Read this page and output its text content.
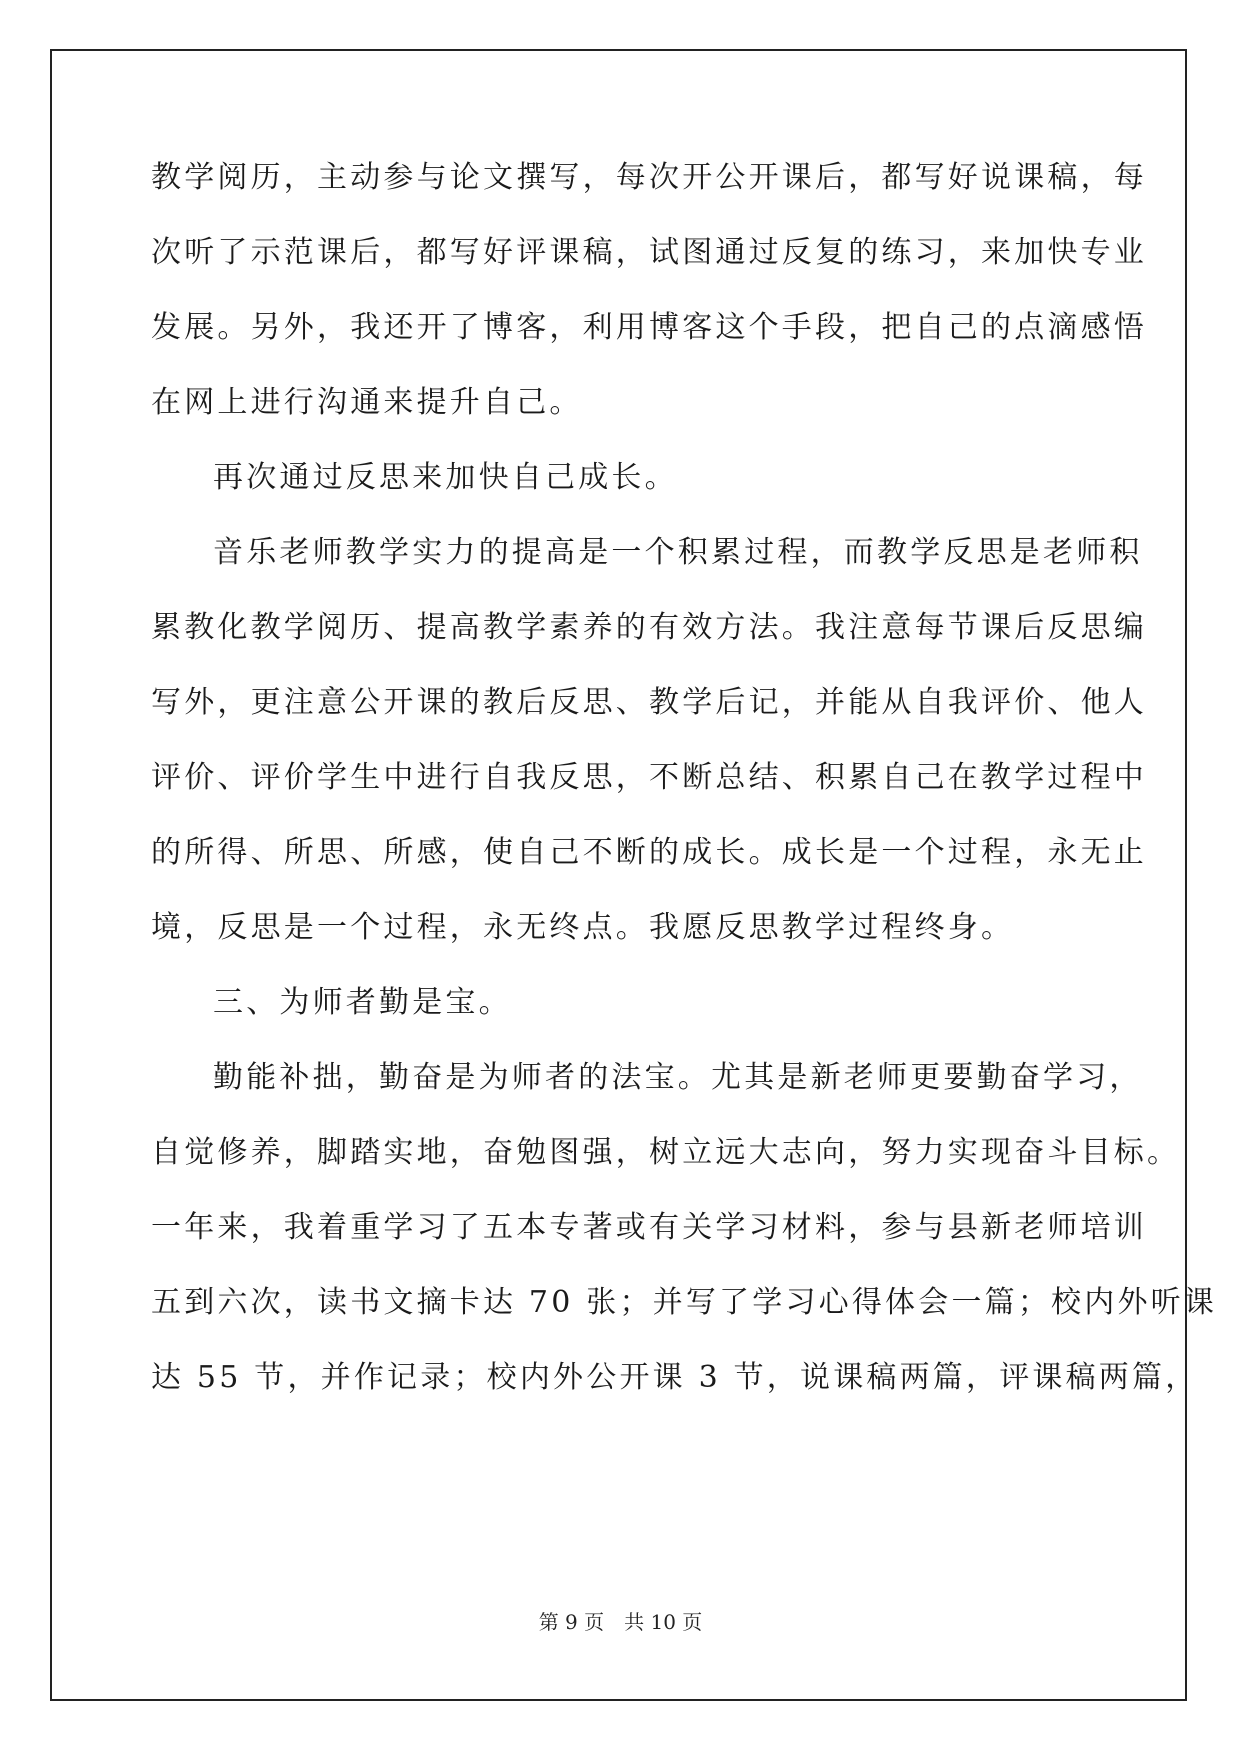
教学阅历，主动参与论文撰写，每次开公开课后，都写好说课稿，每
次听了示范课后，都写好评课稿，试图通过反复的练习，来加快专业
发展。另外，我还开了博客，利用博客这个手段，把自己的点滴感悟
在网上进行沟通来提升自己。
再次通过反思来加快自己成长。
音乐老师教学实力的提高是一个积累过程，而教学反思是老师积
累教化教学阅历、提高教学素养的有效方法。我注意每节课后反思编
写外，更注意公开课的教后反思、教学后记，并能从自我评价、他人
评价、评价学生中进行自我反思，不断总结、积累自己在教学过程中
的所得、所思、所感，使自己不断的成长。成长是一个过程，永无止
境，反思是一个过程，永无终点。我愿反思教学过程终身。
三、为师者勤是宝。
勤能补拙，勤奋是为师者的法宝。尤其是新老师更要勤奋学习，
自觉修养，脚踏实地，奋勉图强，树立远大志向，努力实现奋斗目标。
一年来，我着重学习了五本专著或有关学习材料，参与县新老师培训
五到六次，读书文摘卡达 70 张；并写了学习心得体会一篇；校内外听课
达 55 节，并作记录；校内外公开课 3 节，说课稿两篇，评课稿两篇，
第 9 页　共 10 页
